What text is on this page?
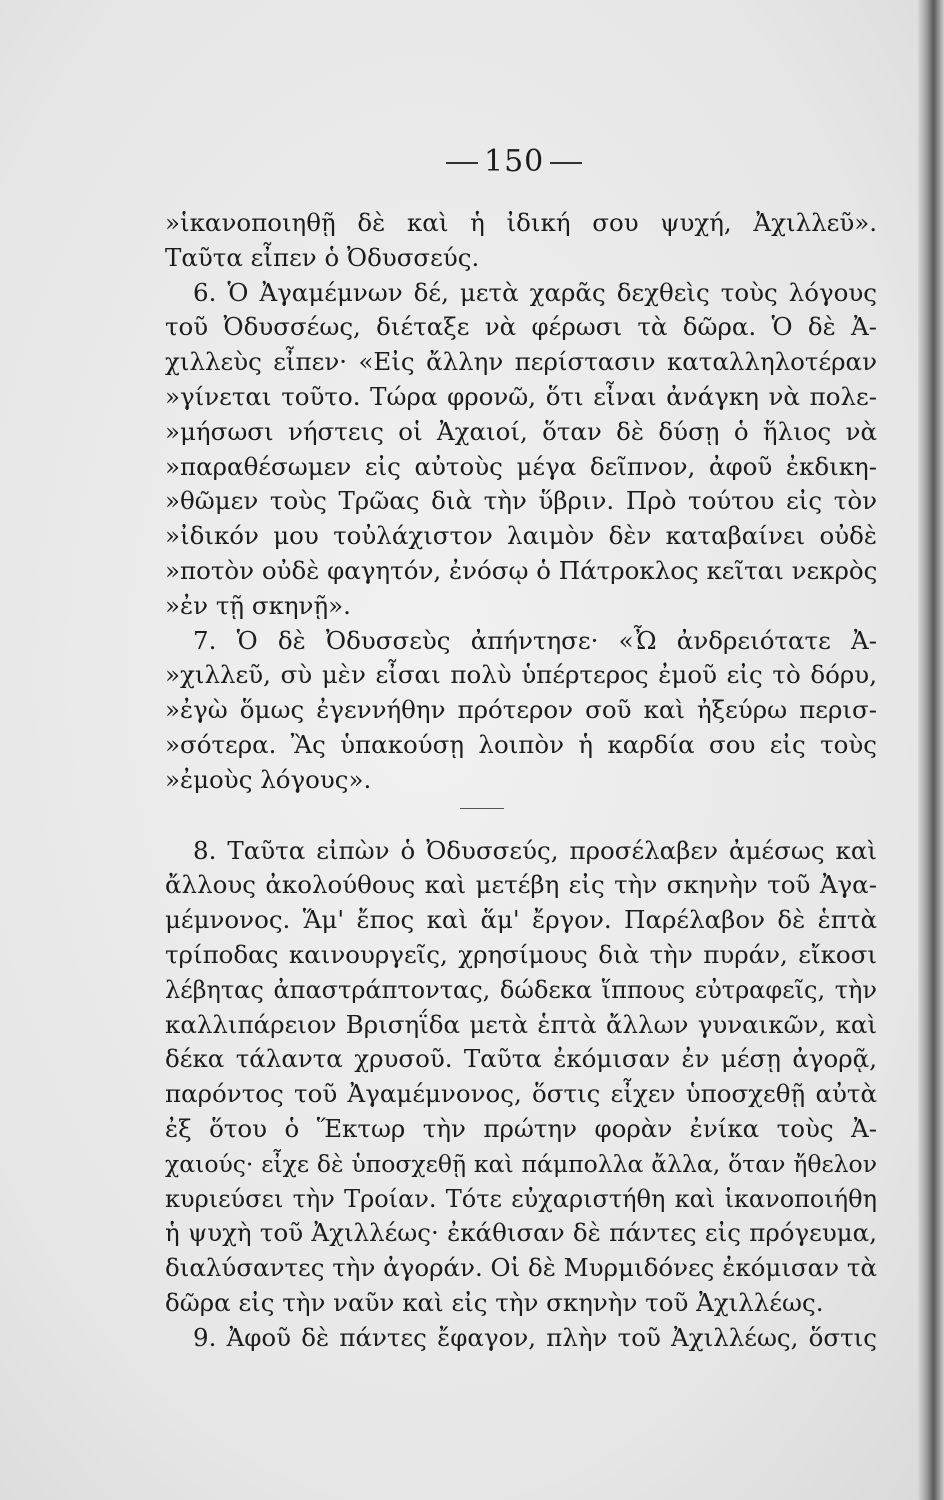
150
»ἱκανοποιηθῇ δὲ καὶ ἡ ἰδική σου ψυχή, Ἀχιλλεῦ».
Ταῦτα εἶπεν ὁ Ὀδυσσεύς.
6. Ὁ Ἀγαμέμνων δέ, μετὰ χαρᾶς δεχθεὶς τοὺς λόγους
τοῦ Ὀδυσσέως, διέταξε νὰ φέρωσι τὰ δῶρα. Ὁ δὲ Ἀ-
χιλλεὺς εἶπεν· «Εἰς ἄλλην περίστασιν καταλληλοτέραν
»γίνεται τοῦτο. Τώρα φρονῶ, ὅτι εἶναι ἀνάγκη νὰ πολε-
»μήσωσι νήστεις οἱ Ἀχαιοί, ὅταν δὲ δύσῃ ὁ ἥλιος νὰ
»παραθέσωμεν εἰς αὐτοὺς μέγα δεῖπνον, ἀφοῦ ἐκδικη-
»θῶμεν τοὺς Τρῶας διὰ τὴν ὕβριν. Πρὸ τούτου εἰς τὸν
»ἰδικόν μου τοὐλάχιστον λαιμὸν δὲν καταβαίνει οὐδὲ
»ποτὸν οὐδὲ φαγητόν, ἐνόσῳ ὁ Πάτροκλος κεῖται νεκρὸς
»ἐν τῇ σκηνῇ».
7. Ὁ δὲ Ὀδυσσεὺς ἀπήντησε· «Ὦ ἀνδρειότατε Ἀ-
»χιλλεῦ, σὺ μὲν εἶσαι πολὺ ὑπέρτερος ἐμοῦ εἰς τὸ δόρυ,
»ἐγὼ ὅμως ἐγεννήθην πρότερον σοῦ καὶ ἠξεύρω περισ-
»σότερα. Ἂς ὑπακούσῃ λοιπὸν ἡ καρδία σου εἰς τοὺς
»ἐμοὺς λόγους».
8. Ταῦτα εἰπὼν ὁ Ὀδυσσεύς, προσέλαβεν ἀμέσως καὶ
ἄλλους ἀκολούθους καὶ μετέβη εἰς τὴν σκηνὴν τοῦ Ἀγα-
μέμνονος. Ἅμ' ἔπος καὶ ἅμ' ἔργον. Παρέλαβον δὲ ἑπτὰ
τρίποδας καινουργεῖς, χρησίμους διὰ τὴν πυράν, εἴκοσι
λέβητας ἀπαστράπτοντας, δώδεκα ἵππους εὐτραφεῖς, τὴν
καλλιπάρειον Βρισηΐδα μετὰ ἑπτὰ ἄλλων γυναικῶν, καὶ
δέκα τάλαντα χρυσοῦ. Ταῦτα ἐκόμισαν ἐν μέσῃ ἀγορᾷ,
παρόντος τοῦ Ἀγαμέμνονος, ὅστις εἶχεν ὑποσχεθῇ αὐτὰ
ἐξ ὅτου ὁ Ἕκτωρ τὴν πρώτην φορὰν ἐνίκα τοὺς Ἀ-
χαιούς· εἶχε δὲ ὑποσχεθῇ καὶ πάμπολλα ἄλλα, ὅταν ἤθελον
κυριεύσει τὴν Τροίαν. Τότε εὐχαριστήθη καὶ ἱκανοποιήθη
ἡ ψυχὴ τοῦ Ἀχιλλέως· ἐκάθισαν δὲ πάντες εἰς πρόγευμα,
διαλύσαντες τὴν ἀγοράν. Οἱ δὲ Μυρμιδόνες ἐκόμισαν τὰ
δῶρα εἰς τὴν ναῦν καὶ εἰς τὴν σκηνὴν τοῦ Ἀχιλλέως.
9. Ἀφοῦ δὲ πάντες ἔφαγον, πλὴν τοῦ Ἀχιλλέως, ὅστις
